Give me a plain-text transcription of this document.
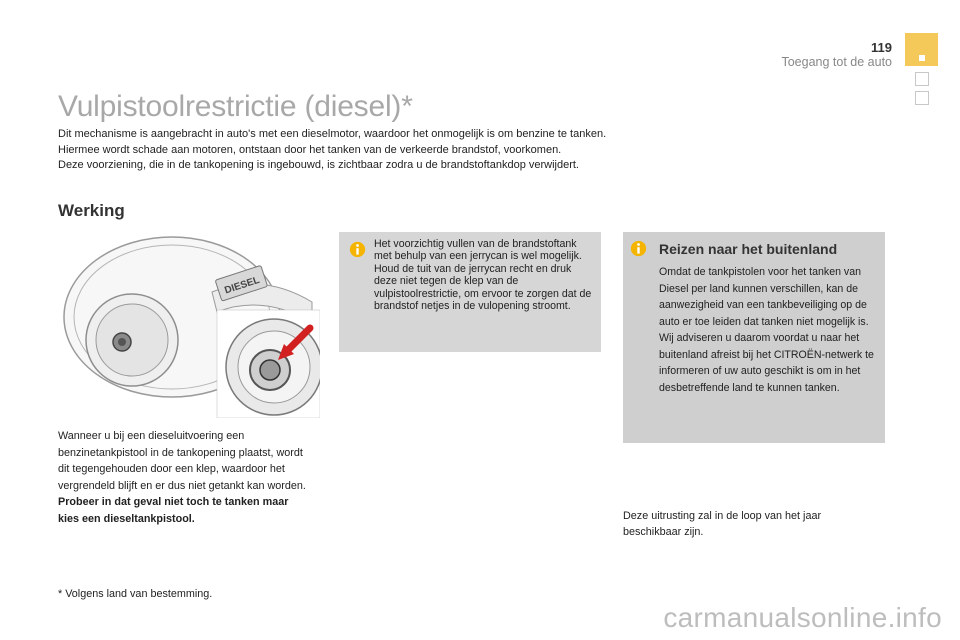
119
Toegang tot de auto
Vulpistoolrestrictie (diesel)*

Dit mechanisme is aangebracht in auto's met een dieselmotor, waardoor het onmogelijk is om benzine te tanken. Hiermee wordt schade aan motoren, ontstaan door het tanken van de verkeerde brandstof, voorkomen.

Deze voorziening, die in de tankopening is ingebouwd, is zichtbaar zodra u de brandstoftankdop verwijdert.

Werking
DIESEL

Het voorzichtig vullen van de brandstoftank met behulp van een jerrycan is wel mogelijk.

Houd de tuit van de jerrycan recht en druk deze niet tegen de klep van de vulpistoolrestrictie, om ervoor te zorgen dat de brandstof netjes in de vulopening stroomt.

Reizen naar het buitenland

Omdat de tankpistolen voor het tanken van Diesel per land kunnen verschillen, kan de aanwezigheid van een tankbeveiliging op de auto er toe leiden dat tanken niet mogelijk is.

Wij adviseren u daarom voordat u naar het buitenland afreist bij het CITROËN-netwerk te informeren of uw auto geschikt is om in het desbetreffende land te kunnen tanken.

Wanneer u bij een dieseluitvoering een benzinetankpistool in de tankopening plaatst, wordt dit tegengehouden door een klep, waardoor het vergrendeld blijft en er dus niet getankt kan worden.

Probeer in dat geval niet toch te tanken maar kies een dieseltankpistool.	Deze uitrusting zal in de loop van het jaar beschikbaar zijn.
* Volgens land van bestemming.
carmanualsonline.info
